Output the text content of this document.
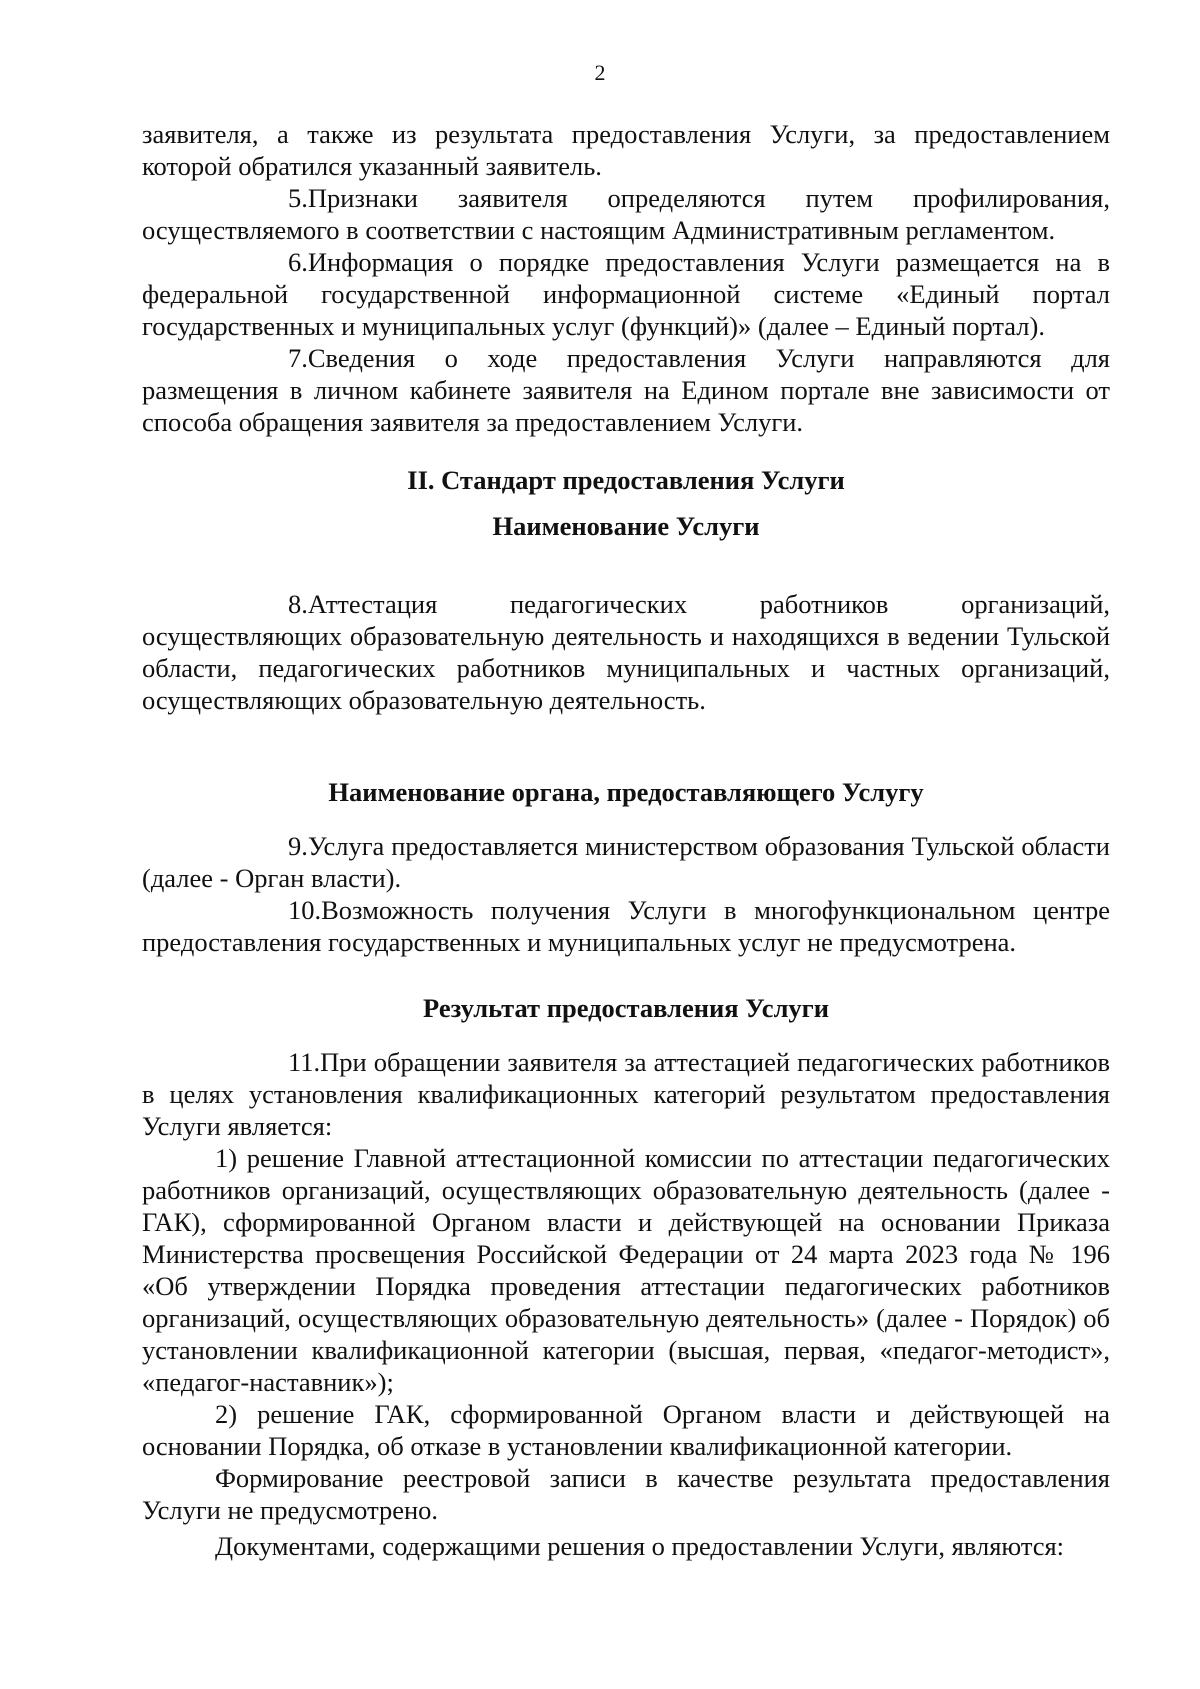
2

заявителя, а также из результата предоставления Услуги, за предоставлением которой обратился указанный заявитель.

5.Признаки заявителя определяются путем профилирования, осуществляемого в соответствии с настоящим Административным регламентом.

6.Информация о порядке предоставления Услуги размещается на в федеральной государственной информационной системе «Единый портал государственных и муниципальных услуг (функций)» (далее – Единый портал).

7.Сведения о ходе предоставления Услуги направляются для размещения в личном кабинете заявителя на Едином портале вне зависимости от способа обращения заявителя за предоставлением Услуги.

II. Стандарт предоставления Услуги

Наименование Услуги

8.Аттестация педагогических работников организаций, осуществляющих образовательную деятельность и находящихся в ведении Тульской области, педагогических работников муниципальных и частных организаций, осуществляющих образовательную деятельность.

Наименование органа, предоставляющего Услугу

9.Услуга предоставляется министерством образования Тульской области (далее - Орган власти).

10.Возможность получения Услуги в многофункциональном центре предоставления государственных и муниципальных услуг не предусмотрена.

Результат предоставления Услуги

11.При обращении заявителя за аттестацией педагогических работников в целях установления квалификационных категорий результатом предоставления Услуги является:

1) решение Главной аттестационной комиссии по аттестации педагогических работников организаций, осуществляющих образовательную деятельность (далее - ГАК), сформированной Органом власти и действующей на основании Приказа Министерства просвещения Российской Федерации от 24 марта 2023 года № 196 «Об утверждении Порядка проведения аттестации педагогических работников организаций, осуществляющих образовательную деятельность» (далее - Порядок) об установлении квалификационной категории (высшая, первая, «педагог-методист», «педагог-наставник»);

2) решение ГАК, сформированной Органом власти и действующей на основании Порядка, об отказе в установлении квалификационной категории.

Формирование реестровой записи в качестве результата предоставления Услуги не предусмотрено.

Документами, содержащими решения о предоставлении Услуги, являются:
